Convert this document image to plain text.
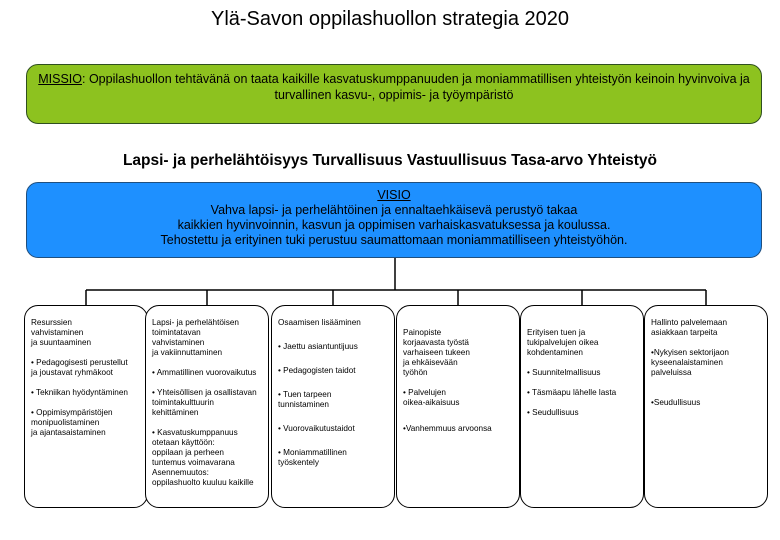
Ylä-Savon oppilashuollon strategia 2020
MISSIO: Oppilashuollon tehtävänä on taata kaikille kasvatuskumppanuuden ja moniammatillisen yhteistyön keinoin hyvinvoiva ja turvallinen kasvu-, oppimis- ja työympäristö
Lapsi- ja perhelähtöisyys Turvallisuus Vastuullisuus Tasa-arvo Yhteistyö
VISIO
Vahva lapsi- ja perhelähtöinen ja ennaltaehkäisevä perustyö takaa
kaikkien hyvinvoinnin, kasvun ja oppimisen varhaiskasvatuksessa ja koulussa.
Tehostettu ja erityinen tuki perustuu saumattomaan moniammatilliseen yhteistyöhön.
Resurssien
vahvistaminen
ja suuntaaminen
• Pedagogisesti perustellut
ja joustavat ryhmäkoot
• Tekniikan hyödyntäminen
• Oppimisympäristöjen
monipuolistaminen
ja ajantasaistaminen
Lapsi- ja perhelähtöisen
toimintatavan
vahvistaminen
ja vakiinnuttaminen
• Ammatillinen vuorovaikutus
• Yhteisöllisen ja osallistavan
toimintakulttuurin
kehittäminen
• Kasvatuskumppanuus
otetaan käyttöön:
oppilaan ja perheen
tuntemus voimavarana
Asennemuutos:
oppilashuolto kuuluu kaikille
Osaamisen lisääminen
• Jaettu asiantuntijuus
• Pedagogisten taidot
• Tuen tarpeen
tunnistaminen
• Vuorovaikutustaidot
• Moniammatillinen
työskentely
Painopiste
korjaavasta työstä
varhaiseen tukeen
ja ehkäisevään
työhön
• Palvelujen
oikea-aikaisuus
•Vanhemmuus arvoonsa
Erityisen tuen ja
tukipalvelujen oikea
kohdentaminen
• Suunnitelmallisuus
• Täsmäapu lähelle lasta
• Seudullisuus
Hallinto palvelemaan
asiakkaan tarpeita
•Nykyisen sektorijaon
kyseenalaistaminen
palveluissa
•Seudullisuus
